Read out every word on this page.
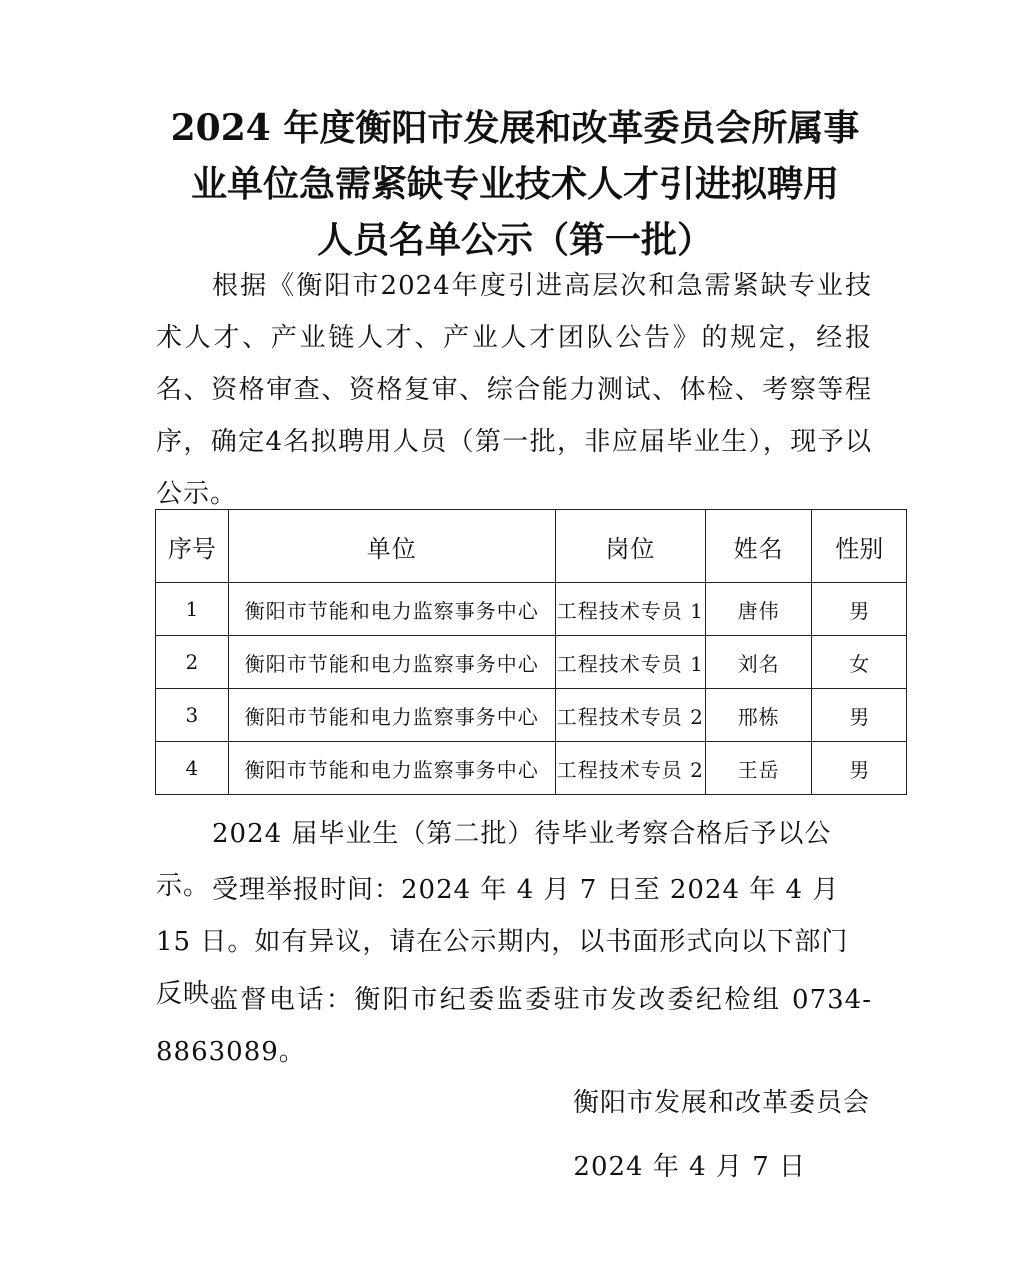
2024 年度衡阳市发展和改革委员会所属事
业单位急需紧缺专业技术人才引进拟聘用
人员名单公示（第一批）

根据《衡阳市2024年度引进高层次和急需紧缺专业技术人才、产业链人才、产业人才团队公告》的规定，经报名、资格审查、资格复审、综合能力测试、体检、考察等程序，确定4名拟聘用人员（第一批，非应届毕业生），现予以公示。

序号	单位	岗位	姓名	性别
1	衡阳市节能和电力监察事务中心	工程技术专员 1	唐伟	男
2	衡阳市节能和电力监察事务中心	工程技术专员 1	刘名	女
3	衡阳市节能和电力监察事务中心	工程技术专员 2	邢栋	男
4	衡阳市节能和电力监察事务中心	工程技术专员 2	王岳	男

2024 届毕业生（第二批）待毕业考察合格后予以公示。 受理举报时间：2024 年 4 月 7 日至 2024 年 4 月 15 日。如有异议，请在公示期内，以书面形式向以下部门反映。

监督电话：衡阳市纪委监委驻市发改委纪检组 0734-8863089。

衡阳市发展和改革委员会

2024 年 4 月 7 日
